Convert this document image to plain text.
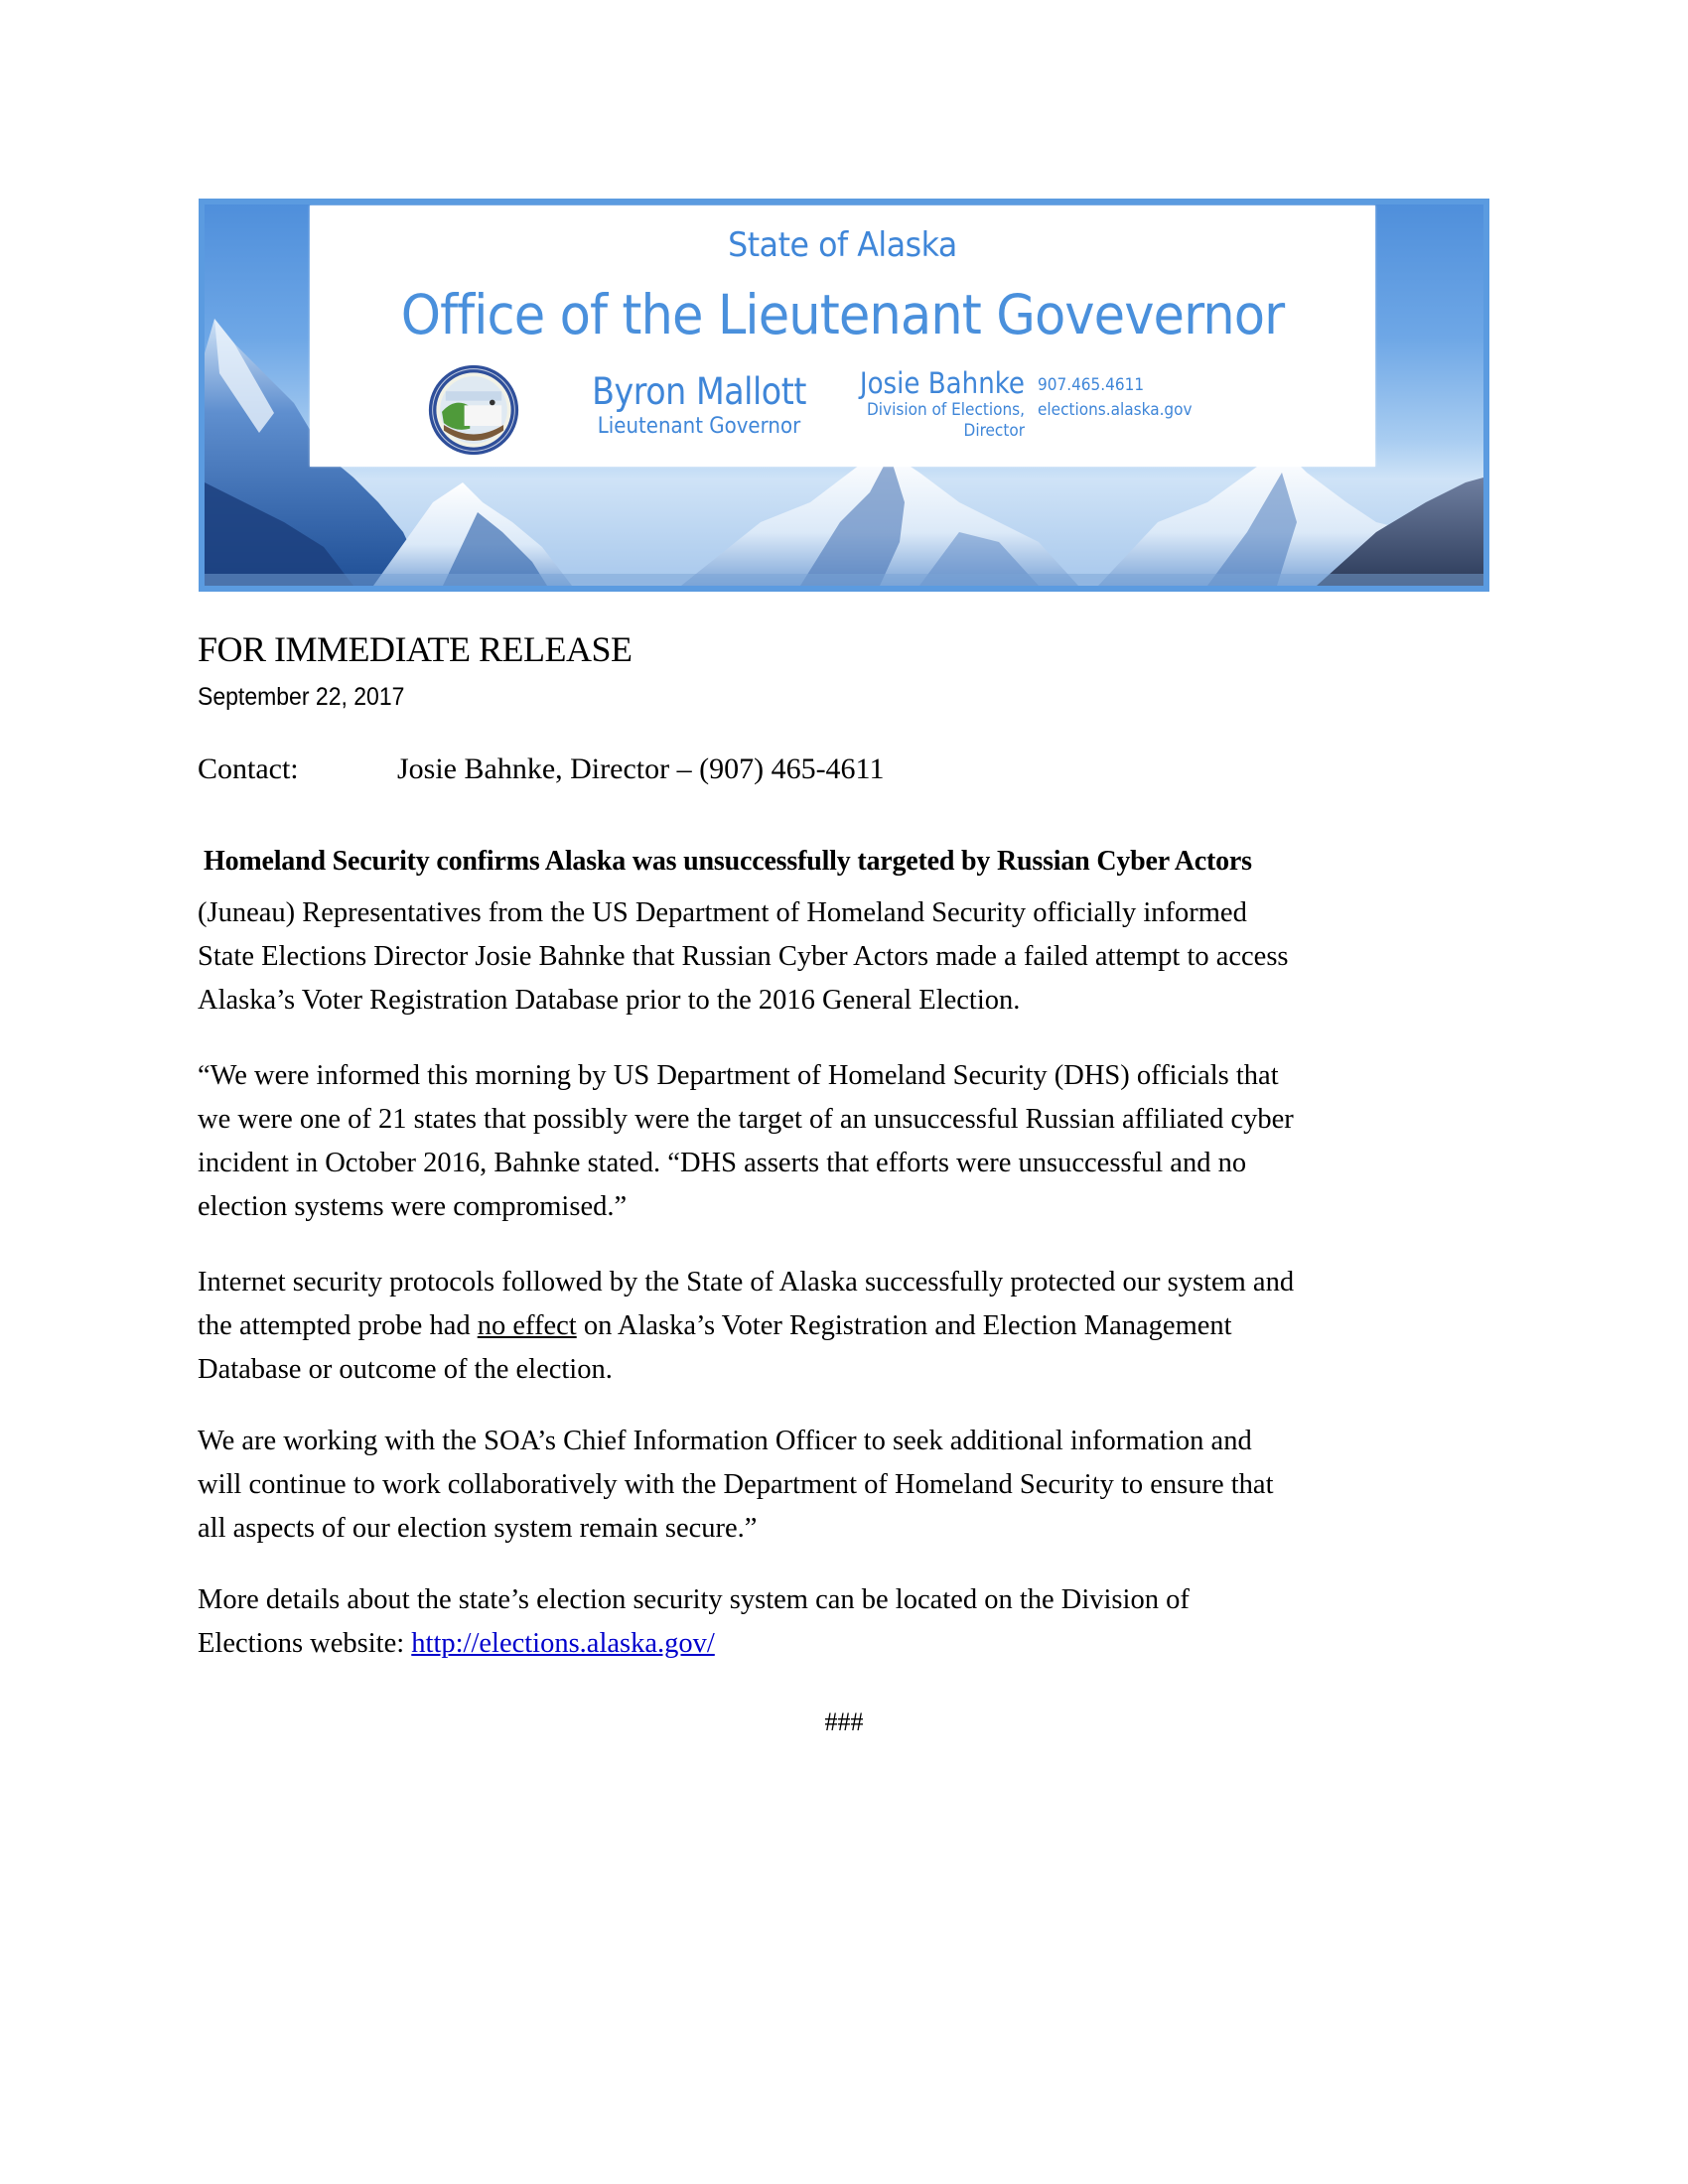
State of Alaska
Office of the Lieutenant Govevernor
Byron Mallott
Lieutenant Governor
Josie Bahnke
Division of Elections,
Director
907.465.4611
elections.alaska.gov
FOR IMMEDIATE RELEASE
September 22, 2017
Contact:	Josie Bahnke, Director – (907) 465-4611
Homeland Security confirms Alaska was unsuccessfully targeted by Russian Cyber Actors

(Juneau) Representatives from the US Department of Homeland Security officially informed
State Elections Director Josie Bahnke that Russian Cyber Actors made a failed attempt to access
Alaska’s Voter Registration Database prior to the 2016 General Election.

“We were informed this morning by US Department of Homeland Security (DHS) officials that
we were one of 21 states that possibly were the target of an unsuccessful Russian affiliated cyber
incident in October 2016, Bahnke stated. “DHS asserts that efforts were unsuccessful and no
election systems were compromised.”

Internet security protocols followed by the State of Alaska successfully protected our system and
the attempted probe had no effect on Alaska’s Voter Registration and Election Management
Database or outcome of the election.

We are working with the SOA’s Chief Information Officer to seek additional information and
will continue to work collaboratively with the Department of Homeland Security to ensure that
all aspects of our election system remain secure.”

More details about the state’s election security system can be located on the Division of
Elections website: http://elections.alaska.gov/

###
